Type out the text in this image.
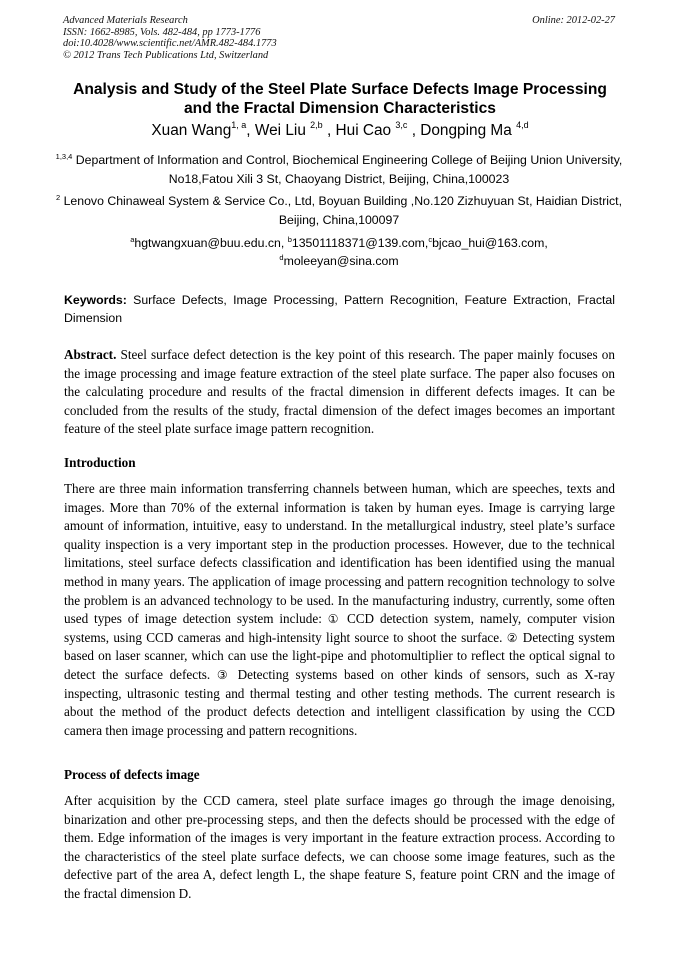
Advanced Materials Research
ISSN: 1662-8985, Vols. 482-484, pp 1773-1776
doi:10.4028/www.scientific.net/AMR.482-484.1773
© 2012 Trans Tech Publications Ltd, Switzerland
Online: 2012-02-27
Analysis and Study of the Steel Plate Surface Defects Image Processing
and the Fractal Dimension Characteristics
Xuan Wang$^{1, a}$, Wei Liu $^{2,b}$ , Hui Cao $^{3,c}$ , Dongping Ma $^{4,d}$
$^{1,3,4}$ Department of Information and Control, Biochemical Engineering College of Beijing Union University, No18,Fatou Xili 3 St, Chaoyang District, Beijing, China,100023
$^2$ Lenovo Chinaweal System & Service Co., Ltd, Boyuan Building ,No.120 Zizhuyuan St, Haidian District, Beijing, China,100097
$^a$hgtwangxuan@buu.edu.cn, $^b$13501118371@139.com,$^c$bjcao_hui@163.com,
$^d$moleeyan@sina.com
Keywords: Surface Defects, Image Processing, Pattern Recognition, Feature Extraction, Fractal Dimension
Abstract. Steel surface defect detection is the key point of this research. The paper mainly focuses on the image processing and image feature extraction of the steel plate surface. The paper also focuses on the calculating procedure and results of the fractal dimension in different defects images. It can be concluded from the results of the study, fractal dimension of the defect images becomes an important feature of the steel plate surface image pattern recognition.
Introduction
There are three main information transferring channels between human, which are speeches, texts and images. More than 70% of the external information is taken by human eyes. Image is carrying large amount of information, intuitive, easy to understand. In the metallurgical industry, steel plate’s surface quality inspection is a very important step in the production processes. However, due to the technical limitations, steel surface defects classification and identification has been identified using the manual method in many years. The application of image processing and pattern recognition technology to solve the problem is an advanced technology to be used. In the manufacturing industry, currently, some often used types of image detection system include: ① CCD detection system, namely, computer vision systems, using CCD cameras and high-intensity light source to shoot the surface. ② Detecting system based on laser scanner, which can use the light-pipe and photomultiplier to reflect the optical signal to detect the surface defects. ③ Detecting systems based on other kinds of sensors, such as X-ray inspecting, ultrasonic testing and thermal testing and other testing methods. The current research is about the method of the product defects detection and intelligent classification by using the CCD camera then image processing and pattern recognitions.
Process of defects image
After acquisition by the CCD camera, steel plate surface images go through the image denoising, binarization and other pre-processing steps, and then the defects should be processed with the edge of them. Edge information of the images is very important in the feature extraction process. According to the characteristics of the steel plate surface defects, we can choose some image features, such as the defective part of the area A, defect length L, the shape feature S, feature point CRN and the image of the fractal dimension D.
